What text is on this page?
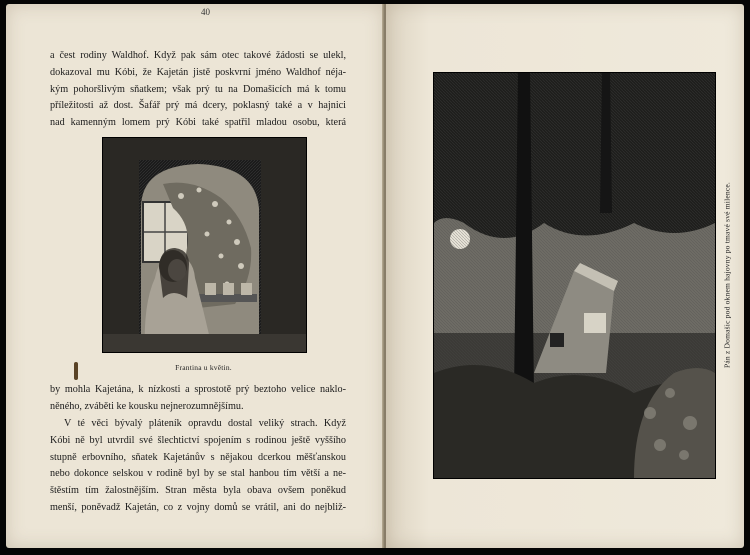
40
a čest rodiny Waldhof. Když pak sám otec takové žádosti se ulekl,
dokazoval mu Kóbi, že Kajetán jistě poskvrní jméno Waldhof néja-
kým pohoršlivým sňatkem; však prý tu na Domašicích má k tomu
příležitosti až dost. Šafář prý má dcery, poklasný také a v hajnici
nad kamenným lomem prý Kóbi také spatřil mladou osobu, která
Frantina u květin.
by mohla Kajetána, k nízkosti a sprostotě prý beztoho velice naklo-
něného, zváběti ke kousku nejnerozumnějšímu.
V té věci bývalý pláteník opravdu dostal veliký strach. Když
Kóbi ně byl utvrdil své šlechtictví spojením s rodinou ještě vyššího
stupně erbovního, sňatek Kajetánův s nějakou dcerkou měšťanskou
nebo dokonce selskou v rodině byl by se stal hanbou tím větší a ne-
štěstím tím žalostnějším. Stran města byla obava ovšem poněkud
menší, poněvadž Kajetán, co z vojny domů se vrátil, ani do nejbliž-
Pán z Domašic pod oknem hajovny po tmavé své milence.
